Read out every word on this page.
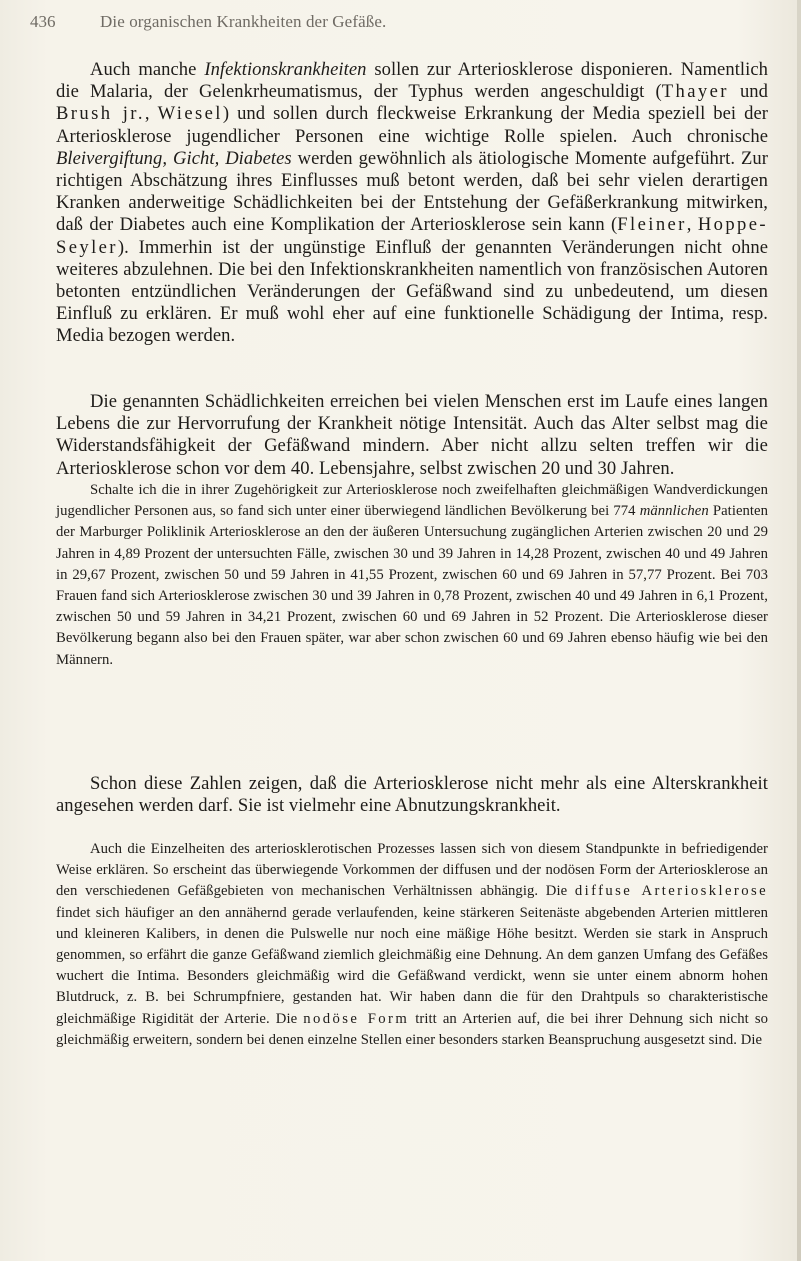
436	Die organischen Krankheiten der Gefäße.

Auch manche Infektionskrankheiten sollen zur Arteriosklerose disponieren. Namentlich die Malaria, der Gelenkrheumatismus, der Typhus werden angeschuldigt (Thayer und Brush jr., Wiesel) und sollen durch fleckweise Erkrankung der Media speziell bei der Arteriosklerose jugendlicher Personen eine wichtige Rolle spielen. Auch chronische Bleivergiftung, Gicht, Diabetes werden gewöhnlich als ätiologische Momente aufgeführt. Zur richtigen Abschätzung ihres Einflusses muß betont werden, daß bei sehr vielen derartigen Kranken anderweitige Schädlichkeiten bei der Entstehung der Gefäßerkrankung mitwirken, daß der Diabetes auch eine Komplikation der Arteriosklerose sein kann (Fleiner, Hoppe-Seyler). Immerhin ist der ungünstige Einfluß der genannten Veränderungen nicht ohne weiteres abzulehnen. Die bei den Infektionskrankheiten namentlich von französischen Autoren betonten entzündlichen Veränderungen der Gefäßwand sind zu unbedeutend, um diesen Einfluß zu erklären. Er muß wohl eher auf eine funktionelle Schädigung der Intima, resp. Media bezogen werden.

Die genannten Schädlichkeiten erreichen bei vielen Menschen erst im Laufe eines langen Lebens die zur Hervorrufung der Krankheit nötige Intensität. Auch das Alter selbst mag die Widerstandsfähigkeit der Gefäßwand mindern. Aber nicht allzu selten treffen wir die Arteriosklerose schon vor dem 40. Lebensjahre, selbst zwischen 20 und 30 Jahren.

Schalte ich die in ihrer Zugehörigkeit zur Arteriosklerose noch zweifelhaften gleichmäßigen Wandverdickungen jugendlicher Personen aus, so fand sich unter einer überwiegend ländlichen Bevölkerung bei 774 männlichen Patienten der Marburger Poliklinik Arteriosklerose an den der äußeren Untersuchung zugänglichen Arterien zwischen 20 und 29 Jahren in 4,89 Prozent der untersuchten Fälle, zwischen 30 und 39 Jahren in 14,28 Prozent, zwischen 40 und 49 Jahren in 29,67 Prozent, zwischen 50 und 59 Jahren in 41,55 Prozent, zwischen 60 und 69 Jahren in 57,77 Prozent. Bei 703 Frauen fand sich Arteriosklerose zwischen 30 und 39 Jahren in 0,78 Prozent, zwischen 40 und 49 Jahren in 6,1 Prozent, zwischen 50 und 59 Jahren in 34,21 Prozent, zwischen 60 und 69 Jahren in 52 Prozent. Die Arteriosklerose dieser Bevölkerung begann also bei den Frauen später, war aber schon zwischen 60 und 69 Jahren ebenso häufig wie bei den Männern.

Schon diese Zahlen zeigen, daß die Arteriosklerose nicht mehr als eine Alterskrankheit angesehen werden darf. Sie ist vielmehr eine Abnutzungskrankheit.

Auch die Einzelheiten des arteriosklerotischen Prozesses lassen sich von diesem Standpunkte in befriedigender Weise erklären. So erscheint das überwiegende Vorkommen der diffusen und der nodösen Form der Arteriosklerose an den verschiedenen Gefäßgebieten von mechanischen Verhältnissen abhängig. Die diffuse Arteriosklerose findet sich häufiger an den annähernd gerade verlaufenden, keine stärkeren Seitenäste abgebenden Arterien mittleren und kleineren Kalibers, in denen die Pulswelle nur noch eine mäßige Höhe besitzt. Werden sie stark in Anspruch genommen, so erfährt die ganze Gefäßwand ziemlich gleichmäßig eine Dehnung. An dem ganzen Umfang des Gefäßes wuchert die Intima. Besonders gleichmäßig wird die Gefäßwand verdickt, wenn sie unter einem abnorm hohen Blutdruck, z. B. bei Schrumpfniere, gestanden hat. Wir haben dann die für den Drahtpuls so charakteristische gleichmäßige Rigidität der Arterie. Die nodöse Form tritt an Arterien auf, die bei ihrer Dehnung sich nicht so gleichmäßig erweitern, sondern bei denen einzelne Stellen einer besonders starken Beanspruchung ausgesetzt sind. Die
